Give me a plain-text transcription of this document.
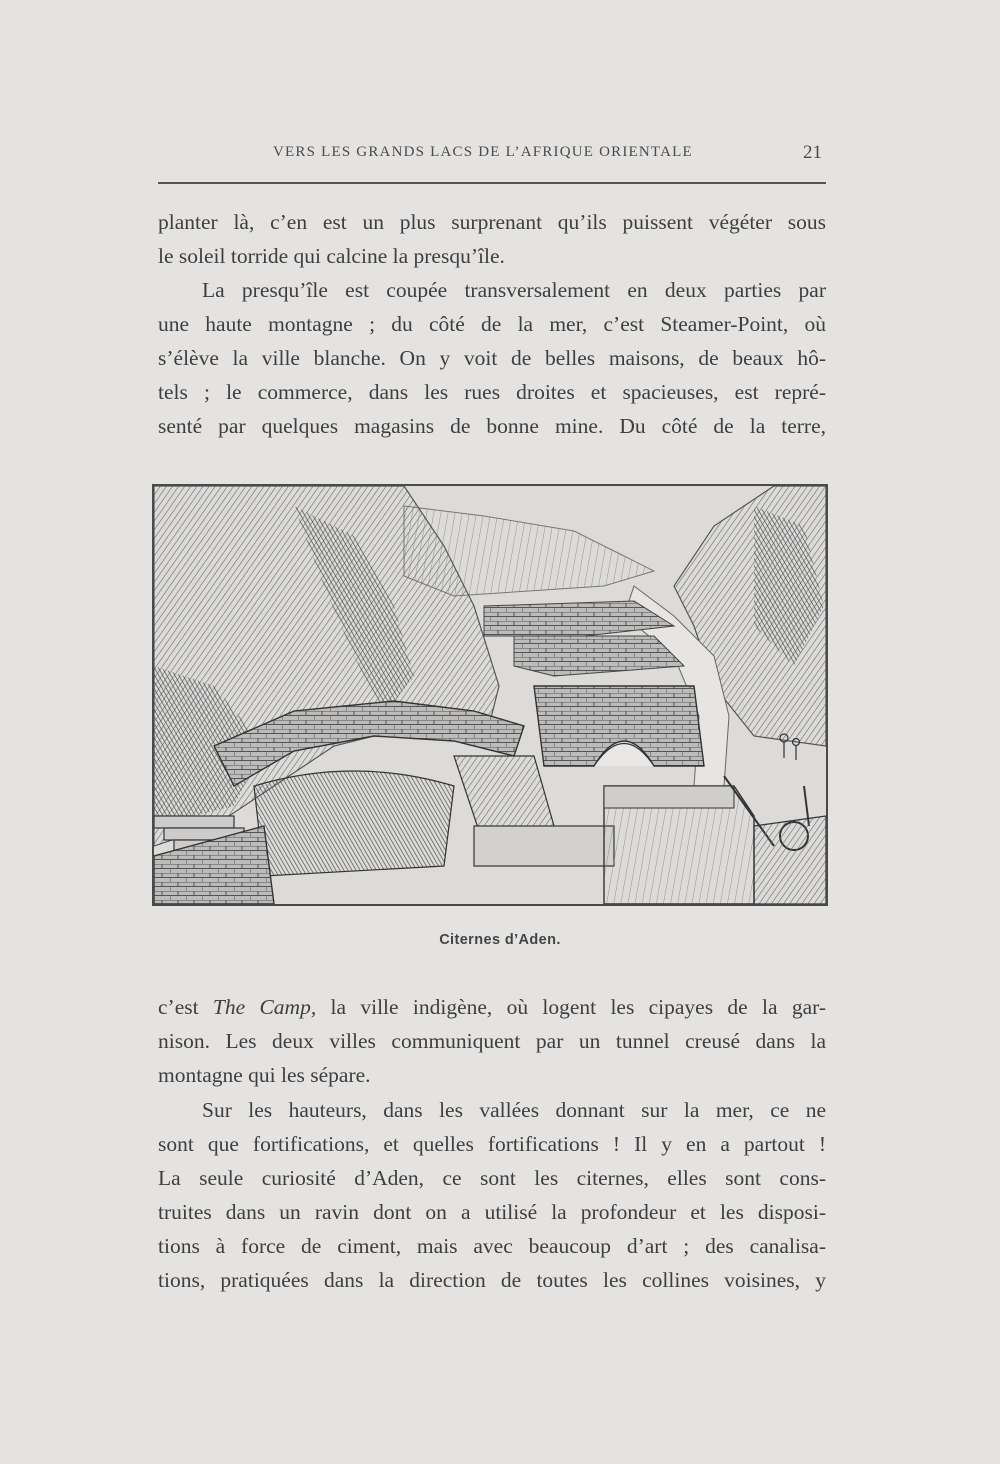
VERS LES GRANDS LACS DE L’AFRIQUE ORIENTALE	21
planter là, c’en est un plus surprenant qu’ils puissent végéter sous
le soleil torride qui calcine la presqu’île.
La presqu’île est coupée transversalement en deux parties par
une haute montagne ; du côté de la mer, c’est Steamer-Point, où
s’élève la ville blanche. On y voit de belles maisons, de beaux hô-
tels ; le commerce, dans les rues droites et spacieuses, est repré-
senté par quelques magasins de bonne mine. Du côté de la terre,
Citernes d’Aden.
c’est The Camp, la ville indigène, où logent les cipayes de la gar-
nison. Les deux villes communiquent par un tunnel creusé dans la
montagne qui les sépare.
Sur les hauteurs, dans les vallées donnant sur la mer, ce ne
sont que fortifications, et quelles fortifications ! Il y en a partout !
La seule curiosité d’Aden, ce sont les citernes, elles sont cons-
truites dans un ravin dont on a utilisé la profondeur et les disposi-
tions à force de ciment, mais avec beaucoup d’art ; des canalisa-
tions, pratiquées dans la direction de toutes les collines voisines, y
